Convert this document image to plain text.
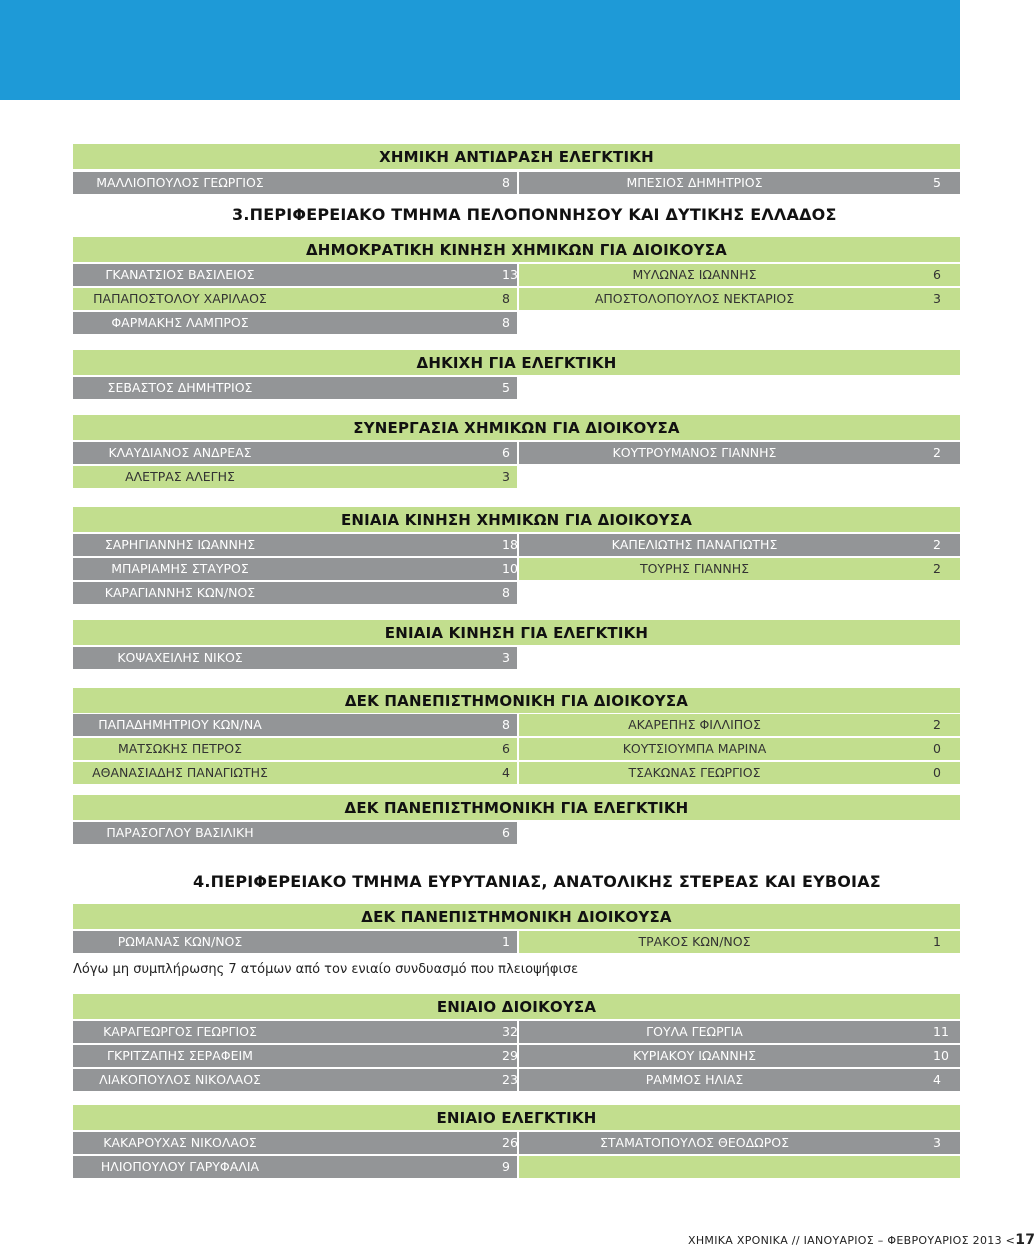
ΧΗΜΙΚΗ ΑΝΤΙΔΡΑΣΗ ΕΛΕΓΚΤΙΚΗ
ΜΑΛΛΙΟΠΟΥΛΟΣ ΓΕΩΡΓΙΟΣ	8	ΜΠΕΣΙΟΣ ΔΗΜΗΤΡΙΟΣ	5
3.ΠΕΡΙΦΕΡΕΙΑΚΟ ΤΜΗΜΑ ΠΕΛΟΠΟΝΝΗΣΟΥ ΚΑΙ ΔΥΤΙΚΗΣ ΕΛΛΑΔΟΣ
ΔΗΜΟΚΡΑΤΙΚΗ ΚΙΝΗΣΗ ΧΗΜΙΚΩΝ ΓΙΑ ΔΙΟΙΚΟΥΣΑ
ΓΚΑΝΑΤΣΙΟΣ ΒΑΣΙΛΕΙΟΣ	13	ΜΥΛΩΝΑΣ ΙΩΑΝΝΗΣ	6
ΠΑΠΑΠΟΣΤΟΛΟΥ ΧΑΡΙΛΑΟΣ	8	ΑΠΟΣΤΟΛΟΠΟΥΛΟΣ ΝΕΚΤΑΡΙΟΣ	3
ΦΑΡΜΑΚΗΣ ΛΑΜΠΡΟΣ	8
ΔΗΚΙΧΗ ΓΙΑ ΕΛΕΓΚΤΙΚΗ
ΣΕΒΑΣΤΟΣ ΔΗΜΗΤΡΙΟΣ	5
ΣΥΝΕΡΓΑΣΙΑ ΧΗΜΙΚΩΝ ΓΙΑ ΔΙΟΙΚΟΥΣΑ
ΚΛΑΥΔΙΑΝΟΣ ΑΝΔΡΕΑΣ	6	ΚΟΥΤΡΟΥΜΑΝΟΣ ΓΙΑΝΝΗΣ	2
ΑΛΕΤΡΑΣ ΑΛΕΓΗΣ	3
ΕΝΙΑΙΑ ΚΙΝΗΣΗ ΧΗΜΙΚΩΝ ΓΙΑ ΔΙΟΙΚΟΥΣΑ
ΣΑΡΗΓΙΑΝΝΗΣ ΙΩΑΝΝΗΣ	18	ΚΑΠΕΛΙΩΤΗΣ ΠΑΝΑΓΙΩΤΗΣ	2
ΜΠΑΡΙΑΜΗΣ ΣΤΑΥΡΟΣ	10	ΤΟΥΡΗΣ ΓΙΑΝΝΗΣ	2
ΚΑΡΑΓΙΑΝΝΗΣ ΚΩΝ/ΝΟΣ	8
ΕΝΙΑΙΑ ΚΙΝΗΣΗ ΓΙΑ ΕΛΕΓΚΤΙΚΗ
ΚΟΨΑΧΕΙΛΗΣ ΝΙΚΟΣ	3
ΔΕΚ ΠΑΝΕΠΙΣΤΗΜΟΝΙΚΗ ΓΙΑ ΔΙΟΙΚΟΥΣΑ
ΠΑΠΑΔΗΜΗΤΡΙΟΥ ΚΩΝ/ΝΑ	8	ΑΚΑΡΕΠΗΣ ΦΙΛΛΙΠΟΣ	2
ΜΑΤΣΩΚΗΣ ΠΕΤΡΟΣ	6	ΚΟΥΤΣΙΟΥΜΠΑ ΜΑΡΙΝΑ	0
ΑΘΑΝΑΣΙΑΔΗΣ ΠΑΝΑΓΙΩΤΗΣ	4	ΤΣΑΚΩΝΑΣ ΓΕΩΡΓΙΟΣ	0
ΔΕΚ ΠΑΝΕΠΙΣΤΗΜΟΝΙΚΗ ΓΙΑ ΕΛΕΓΚΤΙΚΗ
ΠΑΡΑΣΟΓΛΟΥ ΒΑΣΙΛΙΚΗ	6
4.ΠΕΡΙΦΕΡΕΙΑΚΟ ΤΜΗΜΑ ΕΥΡΥΤΑΝΙΑΣ, ΑΝΑΤΟΛΙΚΗΣ ΣΤΕΡΕΑΣ ΚΑΙ ΕΥΒΟΙΑΣ
ΔΕΚ ΠΑΝΕΠΙΣΤΗΜΟΝΙΚΗ ΔΙΟΙΚΟΥΣΑ
ΡΩΜΑΝΑΣ ΚΩΝ/ΝΟΣ	1	ΤΡΑΚΟΣ ΚΩΝ/ΝΟΣ	1
Λόγω μη συμπλήρωσης 7 ατόμων από τον ενιαίο συνδυασμό που πλειοψήφισε
ΕΝΙΑΙΟ ΔΙΟΙΚΟΥΣΑ
ΚΑΡΑΓΕΩΡΓΟΣ ΓΕΩΡΓΙΟΣ	32	ΓΟΥΛΑ ΓΕΩΡΓΙΑ	11
ΓΚΡΙΤΖΑΠΗΣ ΣΕΡΑΦΕΙΜ	29	ΚΥΡΙΑΚΟΥ ΙΩΑΝΝΗΣ	10
ΛΙΑΚΟΠΟΥΛΟΣ ΝΙΚΟΛΑΟΣ	23	ΡΑΜΜΟΣ ΗΛΙΑΣ	4
ΕΝΙΑΙΟ ΕΛΕΓΚΤΙΚΗ
ΚΑΚΑΡΟΥΧΑΣ ΝΙΚΟΛΑΟΣ	26	ΣΤΑΜΑΤΟΠΟΥΛΟΣ ΘΕΟΔΩΡΟΣ	3
ΗΛΙΟΠΟΥΛΟΥ ΓΑΡΥΦΑΛΙΑ	9
ΧΗΜΙΚΑ ΧΡΟΝΙΚΑ // ΙΑΝΟΥΑΡΙΟΣ – ΦΕΒΡΟΥΑΡΙΟΣ 2013 <17
